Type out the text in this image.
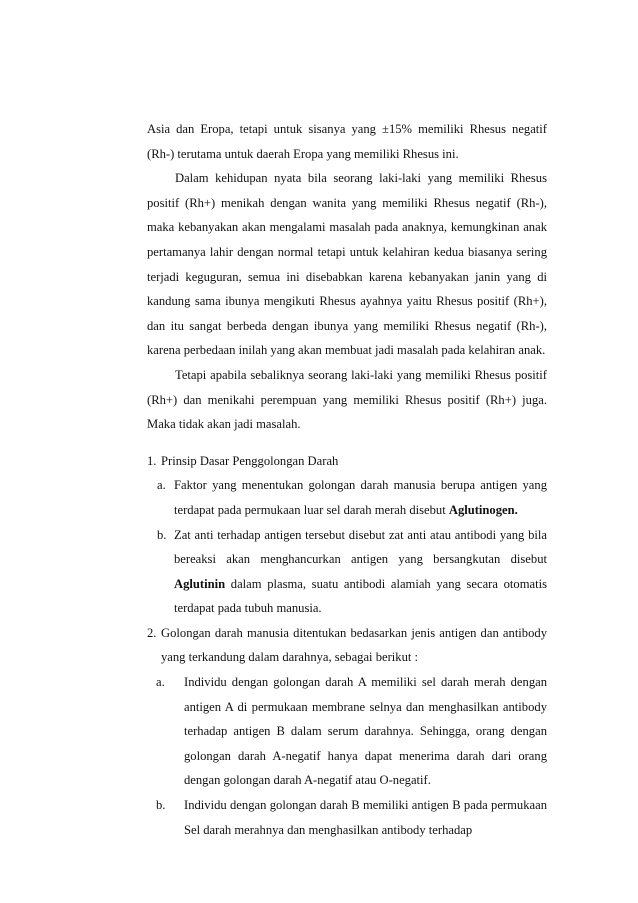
Asia dan Eropa, tetapi untuk sisanya yang ±15% memiliki Rhesus negatif (Rh-) terutama untuk daerah Eropa yang memiliki Rhesus ini.

Dalam kehidupan nyata bila seorang laki-laki yang memiliki Rhesus positif (Rh+) menikah dengan wanita yang memiliki Rhesus negatif (Rh-), maka kebanyakan akan mengalami masalah pada anaknya, kemungkinan anak pertamanya lahir dengan normal tetapi untuk kelahiran kedua biasanya sering terjadi keguguran, semua ini disebabkan karena kebanyakan janin yang di kandung sama ibunya mengikuti Rhesus ayahnya yaitu Rhesus positif (Rh+), dan itu sangat berbeda dengan ibunya yang memiliki Rhesus negatif (Rh-), karena perbedaan inilah yang akan membuat jadi masalah pada kelahiran anak.

Tetapi apabila sebaliknya seorang laki-laki yang memiliki Rhesus positif (Rh+) dan menikahi perempuan yang memiliki Rhesus positif (Rh+) juga. Maka tidak akan jadi masalah.

1. Prinsip Dasar Penggolongan Darah

a. Faktor yang menentukan golongan darah manusia berupa antigen yang terdapat pada permukaan luar sel darah merah disebut Aglutinogen.

b. Zat anti terhadap antigen tersebut disebut zat anti atau antibodi yang bila bereaksi akan menghancurkan antigen yang bersangkutan disebut Aglutinin dalam plasma, suatu antibodi alamiah yang secara otomatis terdapat pada tubuh manusia.

2. Golongan darah manusia ditentukan bedasarkan jenis antigen dan antibody yang terkandung dalam darahnya, sebagai berikut :

a. Individu dengan golongan darah A memiliki sel darah merah dengan antigen A di permukaan membrane selnya dan menghasilkan antibody terhadap antigen B dalam serum darahnya. Sehingga, orang dengan golongan darah A-negatif hanya dapat menerima darah dari orang dengan golongan darah A-negatif atau O-negatif.

b. Individu dengan golongan darah B memiliki antigen B pada permukaan Sel darah merahnya dan menghasilkan antibody terhadap
